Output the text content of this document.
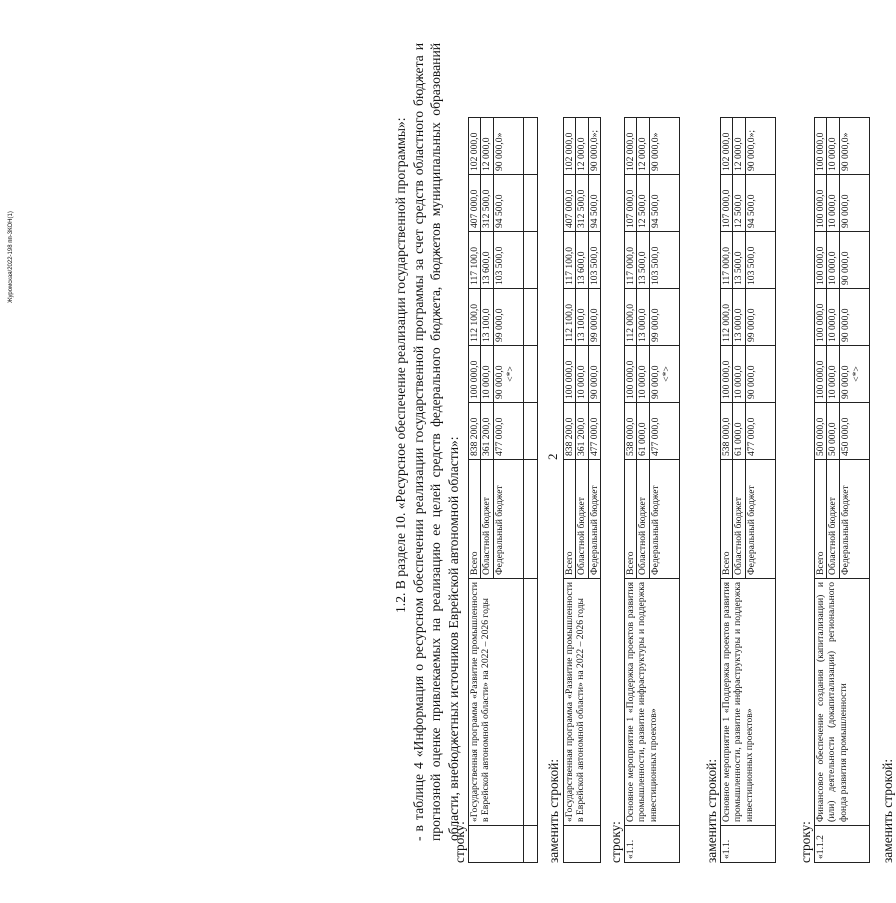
2
1.2. В разделе 10. «Ресурсное обеспечение реализации государственной программы»: - в таблице 4 «Информация о ресурсном обеспечении реализации государственной программы за счет средств областного бюджета и прогнозной оценке привлекаемых на реализацию ее целей средств федерального бюджета, бюджетов муниципальных образований области, внебюджетных источников Еврейской автономной области»:
строку:
	«Государственная программа «Развитие промышленности в Еврейской автономной области» на 2022 – 2026 годы	Всего	838 200,0	100 000,0	112 100,0	117 100,0	407 000,0	102 000,0
		Областной бюджет	361 200,0	10 000,0	13 100,0	13 600,0	312 500,0	12 000,0
		Федеральный бюджет	477 000,0	90 000,0 <*>	99 000,0	103 500,0	94 500,0	90 000,0»

заменить строкой:
	«Государственная программа «Развитие промышленности в Еврейской автономной области» на 2022 – 2026 годы	Всего	838 200,0	100 000,0	112 100,0	117 100,0	407 000,0	102 000,0
		Областной бюджет	361 200,0	10 000,0	13 100,0	13 600,0	312 500,0	12 000,0
		Федеральный бюджет	477 000,0	90 000,0	99 000,0	103 500,0	94 500,0	90 000,0»;
строку: «1.1.	Основное мероприятие 1 «Поддержка проектов развития промышленности, развитие инфраструктуры и поддержка инвестиционных проектов»	Всего	538 000,0	100 000,0	112 000,0	117 000,0	107 000,0	102 000,0
		Областной бюджет	61 000,0	10 000,0	13 000,0	13 500,0	12 500,0	12 000,0
		Федеральный бюджет	477 000,0	90 000,0 <*>	99 000,0	103 500,0	94 500,0	90 000,0»
заменить строкой: «1.1.	Основное мероприятие 1 «Поддержка проектов развития промышленности, развитие инфраструктуры и поддержка инвестиционных проектов»	Всего	538 000,0	100 000,0	112 000,0	117 000,0	107 000,0	102 000,0
		Областной бюджет	61 000,0	10 000,0	13 000,0	13 500,0	12 500,0	12 000,0
		Федеральный бюджет	477 000,0	90 000,0	99 000,0	103 500,0	94 500,0	90 000,0»;
строку: «1.1.2	Финансовое обеспечение создания (капитализации) и (или) деятельности (докапитализации) регионального фонда развития промышленности	Всего	500 000,0	100 000,0	100 000,0	100 000,0	100 000,0	100 000,0
		Областной бюджет	50 000,0	10 000,0	10 000,0	10 000,0	10 000,0	10 000,0
		Федеральный бюджет	450 000,0	90 000,0 <*>	90 000,0	90 000,0	90 000,0	90 000,0»
заменить строкой:
Журомская/2022-198 пп-3КОН(1)
